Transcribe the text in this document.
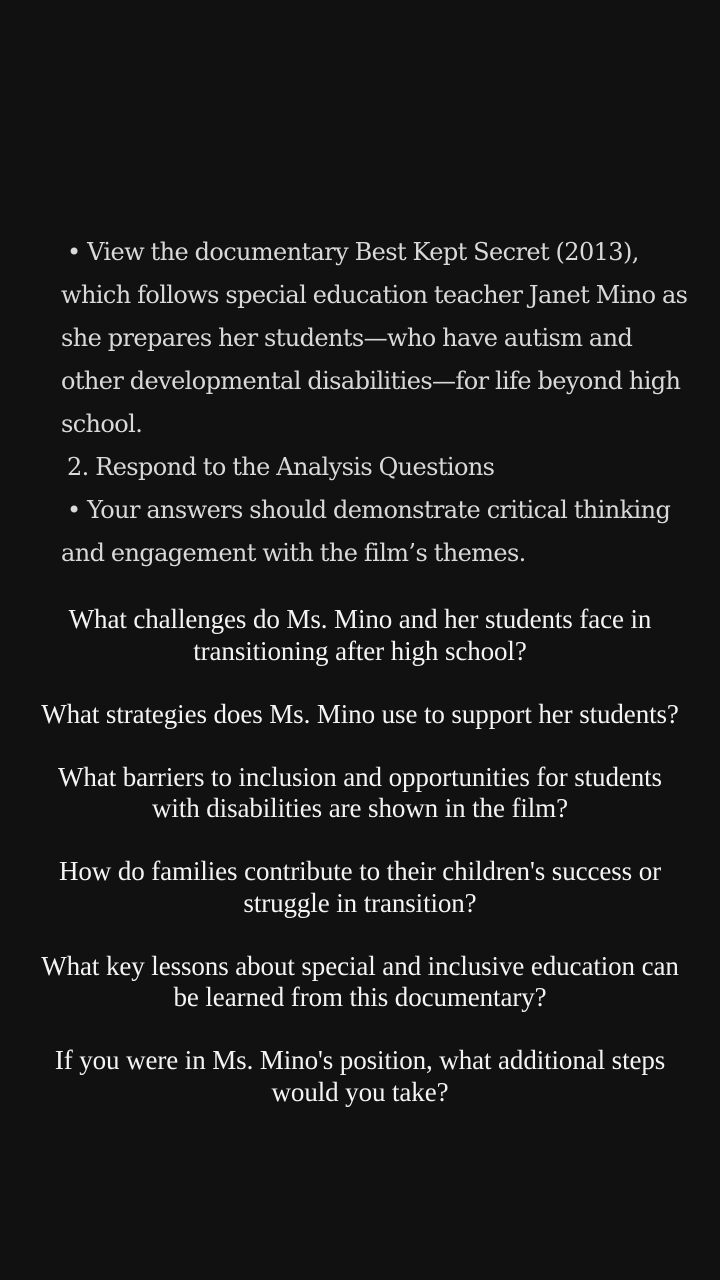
• View the documentary Best Kept Secret (2013), which follows special education teacher Janet Mino as she prepares her students—who have autism and other developmental disabilities—for life beyond high school.

2. Respond to the Analysis Questions

• Your answers should demonstrate critical thinking and engagement with the film’s themes.

What challenges do Ms. Mino and her students face in transitioning after high school?

What strategies does Ms. Mino use to support her students?

What barriers to inclusion and opportunities for students with disabilities are shown in the film?

How do families contribute to their children's success or struggle in transition?

What key lessons about special and inclusive education can be learned from this documentary?

If you were in Ms. Mino's position, what additional steps would you take?
